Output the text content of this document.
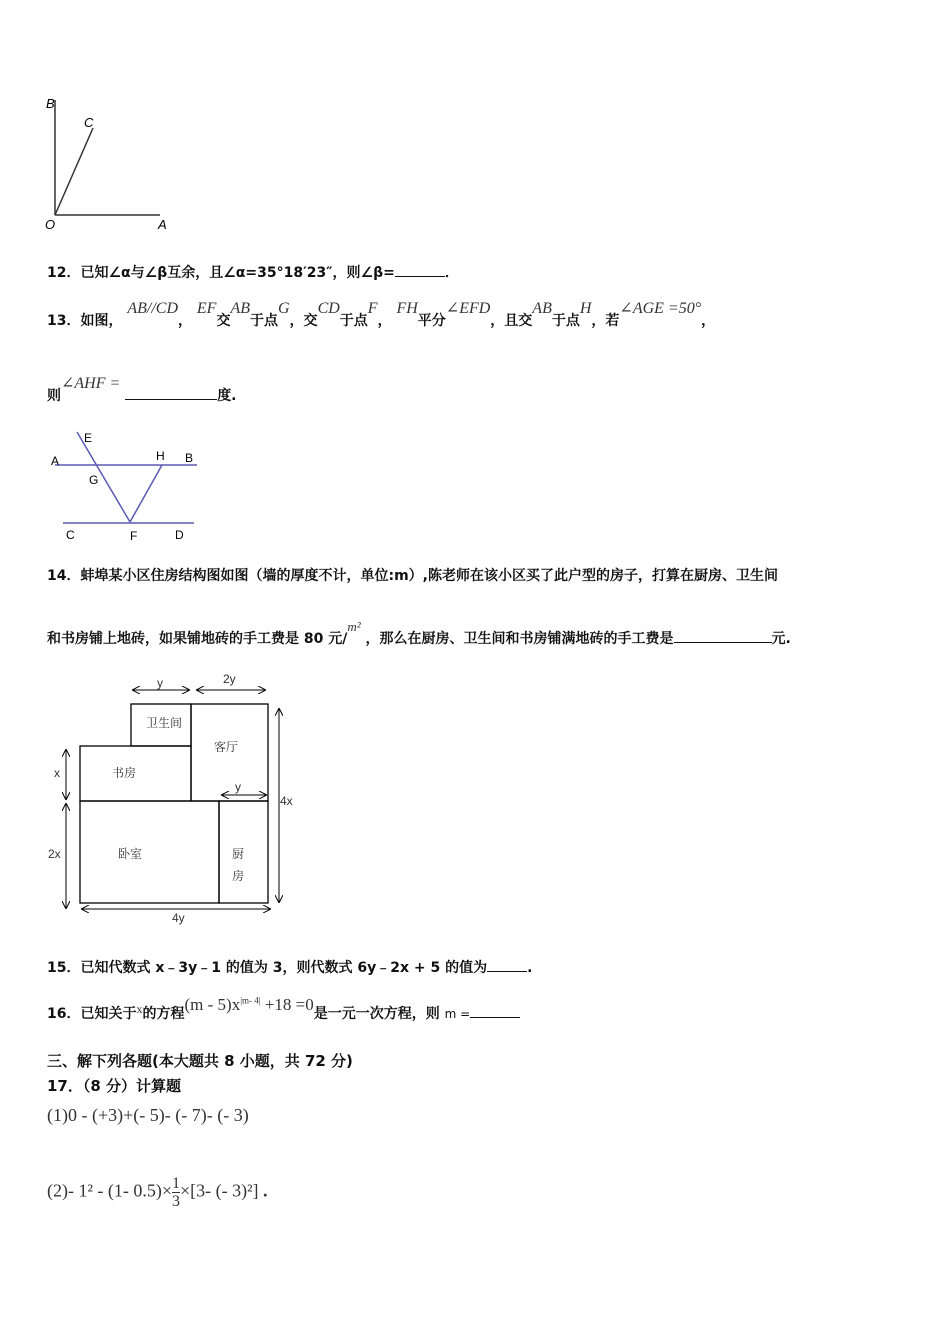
B
C
O	A
12．已知∠α与∠β互余，且∠α=35°18′23″，则∠β=	．
13．如图， AB//CD， EF交AB于点G，交CD于点F， FH平分∠EFD，且交AB于点H，若∠AGE =50°，
则∠AHF = 度.
E
A	H B
G
C	F	D
14．蚌埠某小区住房结构图如图（墙的厚度不计，单位:m）,陈老师在该小区买了此户型的房子，打算在厨房、卫生间
和书房铺上地砖，如果铺地砖的手工费是 80 元/m² ，那么在厨房、卫生间和书房铺满地砖的手工费是	元.
卫生间
客厅
书房
卧室	厨
房
y	2y
x
2x
4x
4y
y
15．已知代数式 x﹣3y﹣1 的值为 3，则代数式 6y﹣2x + 5 的值为	.
16．已知关于x的方程$(m - 5)x^{|m- 4|} +18 =0$是一元一次方程，则 m =
三、解下列各题(本大题共 8 小题，共 72 分)
17．（8 分）计算题
(1)0 - (+3)+(- 5)- (- 7)- (- 3)
(2)- 1² - (1- $0.5)\times \frac{1}{3} \times[3-$ (- 3)²] .
